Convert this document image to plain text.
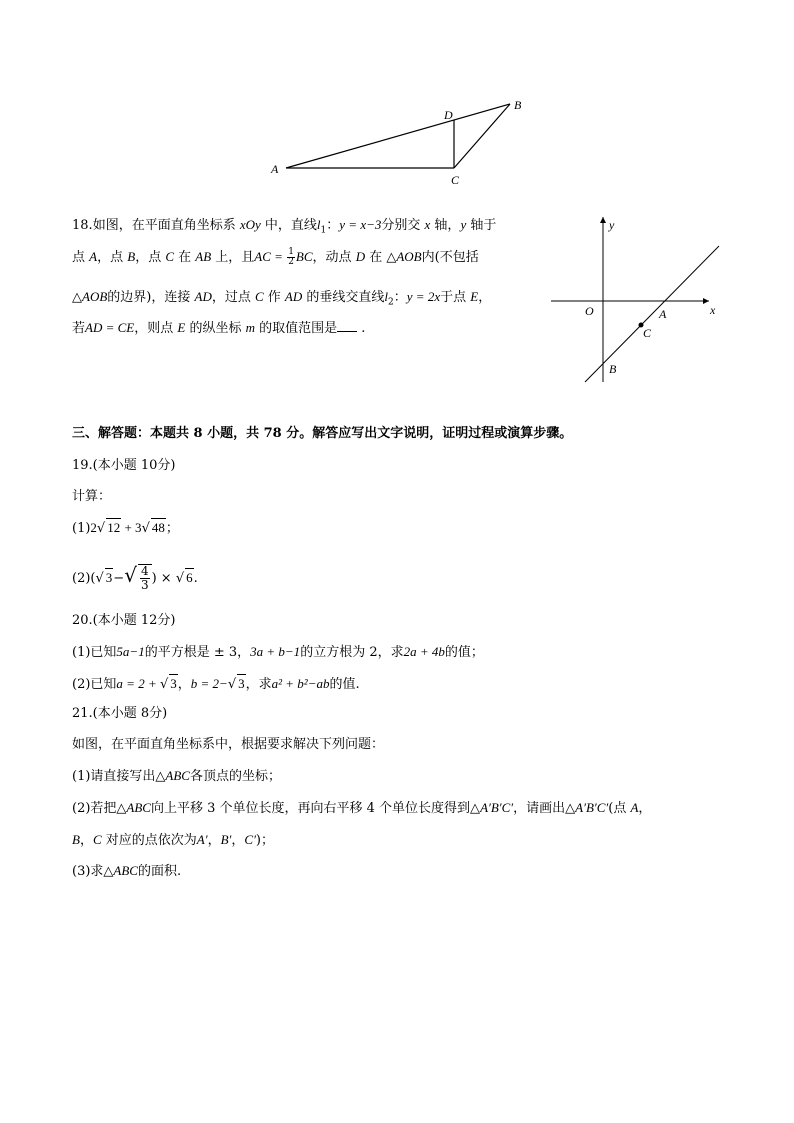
A
B
C
D
18.如图，在平面直角坐标系 xOy 中，直线$l_1$：y = x−3分别交 x 轴，y 轴于
点 A，点 B，点 C 在 AB 上，且AC = $\frac{1}{2}$ BC，动点 D 在 △AOB内(不包括
△AOB的边界)，连接 AD，过点 C 作 AD 的垂线交直线$l_2$：y = 2x于点 E，
若AD = CE，则点 E 的纵坐标 m 的取值范围是 .
y
x
O	A
C
B
三、解答题：本题共 8 小题，共 78 分。解答应写出文字说明，证明过程或演算步骤。
19.(本小题 10分)
计算：
(1)2√ 12 + 3√ 48；
(2)(√ $3-√ \frac{4}{3}$ ) × √ 6.
20.(本小题 12分)
(1)已知5a−1的平方根是 ± 3，3a + b−1的立方根为 2，求2a + 4b的值；
(2)已知a = 2 + √ 3，b = 2−√ 3，求a² + b²−ab的值.
21.(本小题 8分)
如图，在平面直角坐标系中，根据要求解决下列问题：
(1)请直接写出△ABC各顶点的坐标；
(2)若把△ABC向上平移 3 个单位长度，再向右平移 4 个单位长度得到△A′B′C′，请画出△A′B′C′(点 A，
B，C 对应的点依次为A′，B′，C′)；
(3)求△ABC的面积.
